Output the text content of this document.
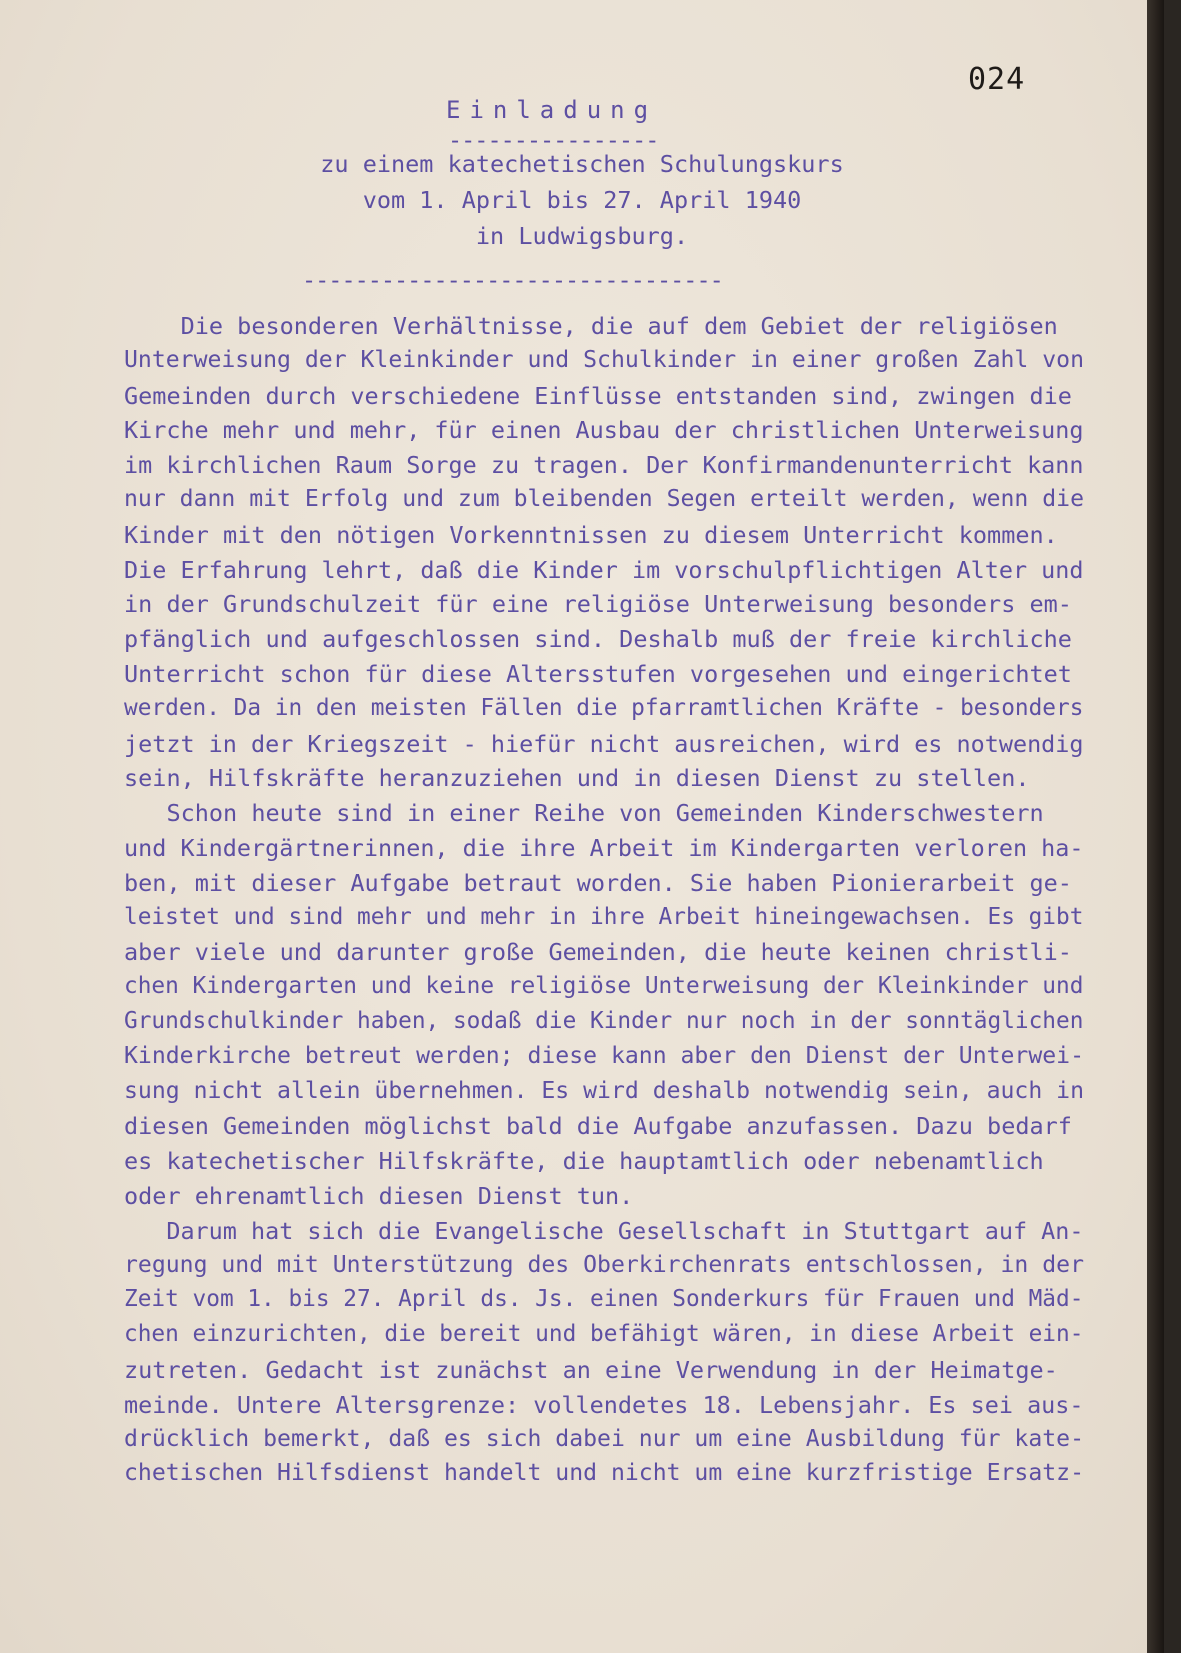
024
Einladung
----------------
zu einem katechetischen Schulungskurs
vom 1. April bis 27. April 1940
in Ludwigsburg.
--------------------------------
Die besonderen Verhältnisse, die auf dem Gebiet der religiösen
Unterweisung der Kleinkinder und Schulkinder in einer großen Zahl von
Gemeinden durch verschiedene Einflüsse entstanden sind, zwingen die
Kirche mehr und mehr, für einen Ausbau der christlichen Unterweisung
im kirchlichen Raum Sorge zu tragen. Der Konfirmandenunterricht kann
nur dann mit Erfolg und zum bleibenden Segen erteilt werden, wenn die
Kinder mit den nötigen Vorkenntnissen zu diesem Unterricht kommen.
Die Erfahrung lehrt, daß die Kinder im vorschulpflichtigen Alter und
in der Grundschulzeit für eine religiöse Unterweisung besonders em-
pfänglich und aufgeschlossen sind. Deshalb muß der freie kirchliche
Unterricht schon für diese Altersstufen vorgesehen und eingerichtet
werden. Da in den meisten Fällen die pfarramtlichen Kräfte - besonders
jetzt in der Kriegszeit - hiefür nicht ausreichen, wird es notwendig
sein, Hilfskräfte heranzuziehen und in diesen Dienst zu stellen.
Schon heute sind in einer Reihe von Gemeinden Kinderschwestern
und Kindergärtnerinnen, die ihre Arbeit im Kindergarten verloren ha-
ben, mit dieser Aufgabe betraut worden. Sie haben Pionierarbeit ge-
leistet und sind mehr und mehr in ihre Arbeit hineingewachsen. Es gibt
aber viele und darunter große Gemeinden, die heute keinen christli-
chen Kindergarten und keine religiöse Unterweisung der Kleinkinder und
Grundschulkinder haben, sodaß die Kinder nur noch in der sonntäglichen
Kinderkirche betreut werden; diese kann aber den Dienst der Unterwei-
sung nicht allein übernehmen. Es wird deshalb notwendig sein, auch in
diesen Gemeinden möglichst bald die Aufgabe anzufassen. Dazu bedarf
es katechetischer Hilfskräfte, die hauptamtlich oder nebenamtlich
oder ehrenamtlich diesen Dienst tun.
Darum hat sich die Evangelische Gesellschaft in Stuttgart auf An-
regung und mit Unterstützung des Oberkirchenrats entschlossen, in der
Zeit vom 1. bis 27. April ds. Js. einen Sonderkurs für Frauen und Mäd-
chen einzurichten, die bereit und befähigt wären, in diese Arbeit ein-
zutreten. Gedacht ist zunächst an eine Verwendung in der Heimatge-
meinde. Untere Altersgrenze: vollendetes 18. Lebensjahr. Es sei aus-
drücklich bemerkt, daß es sich dabei nur um eine Ausbildung für kate-
chetischen Hilfsdienst handelt und nicht um eine kurzfristige Ersatz-
